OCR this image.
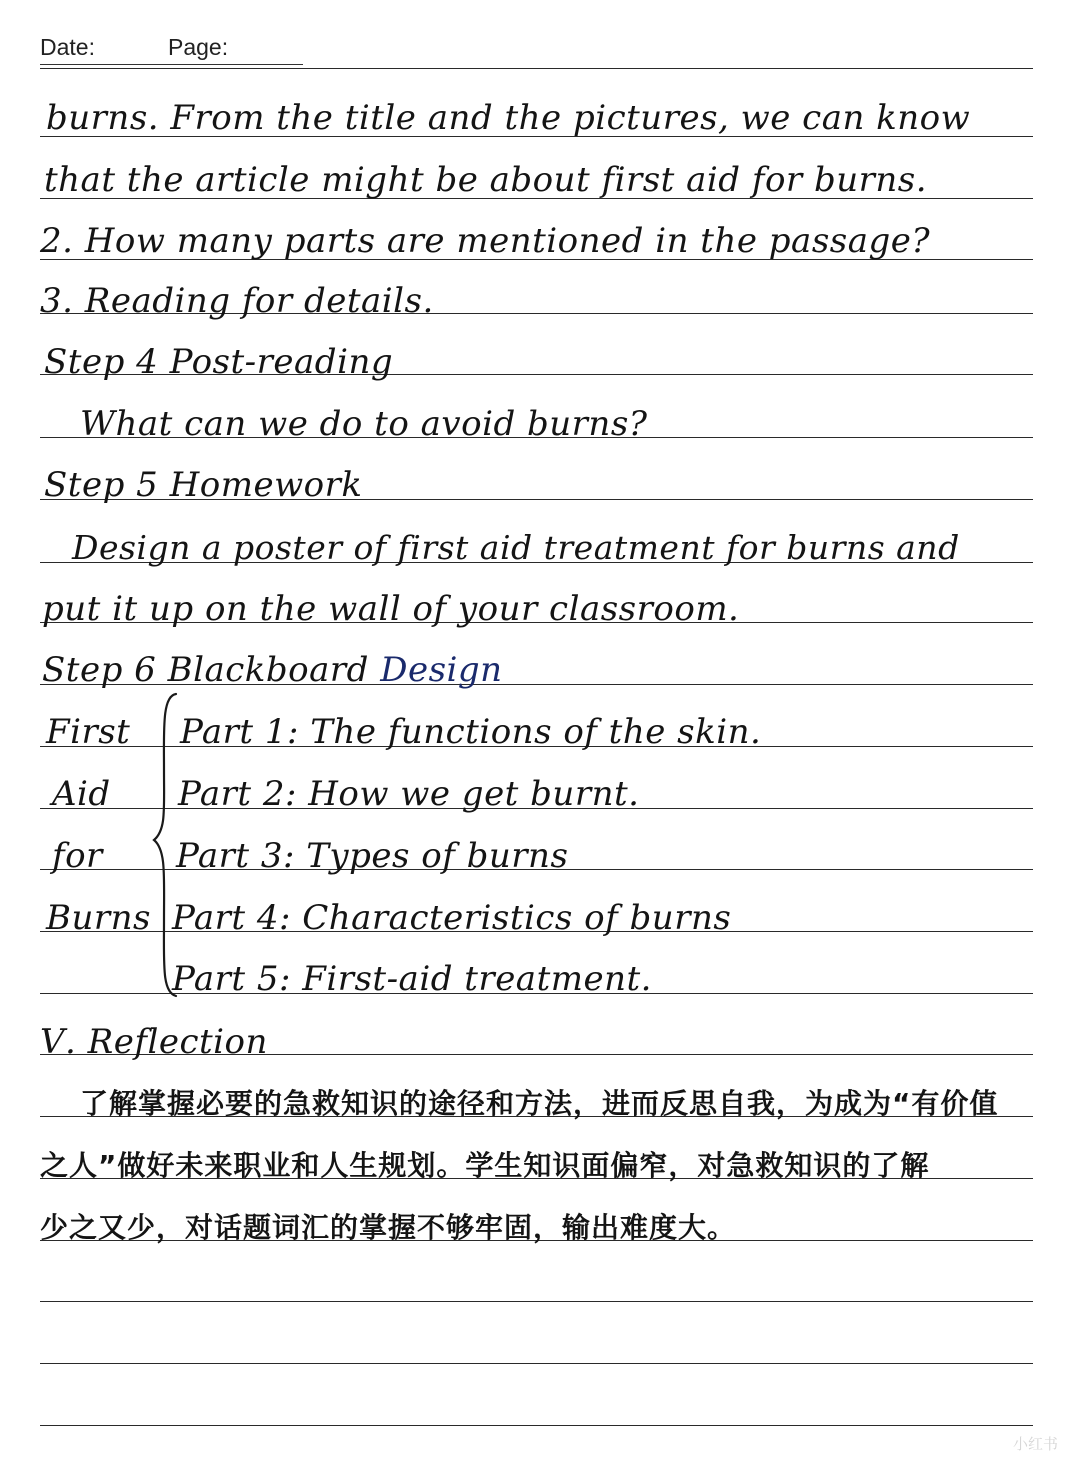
Date:	Page:
burns. From the title and the pictures, we can know
that the article might be about first aid for burns.
2. How many parts are mentioned in the passage?
3. Reading for details.
Step 4 Post-reading
What can we do to avoid burns?
Step 5 Homework
Design a poster of first aid treatment for burns and
put it up on the wall of your classroom.
Step 6 Blackboard Design
First
Aid
for
Burns
Part 1: The functions of the skin.
Part 2: How we get burnt.
Part 3: Types of burns
Part 4: Characteristics of burns
Part 5: First-aid treatment.
Ⅴ. Reflection
了解掌握必要的急救知识的途径和方法，进而反思自我，为成为“有价值
之人”做好未来职业和人生规划。学生知识面偏窄，对急救知识的了解
少之又少，对话题词汇的掌握不够牢固，输出难度大。
小红书
